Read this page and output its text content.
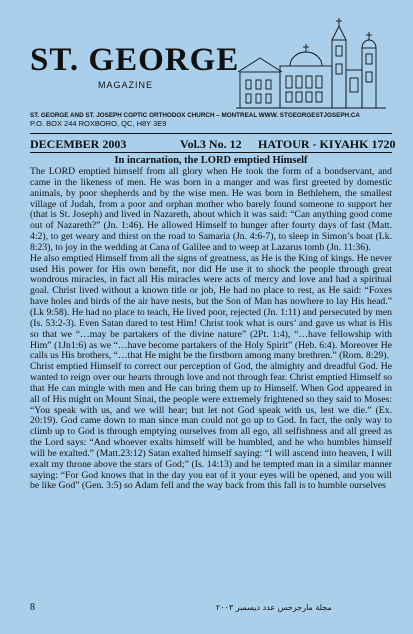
ST. GEORGE
MAGAZINE
ST. GEORGE AND ST. JOSEPH COPTIC ORTHODOX CHURCH – MONTREAL WWW. STGEORGESTJOSEPH.CA
P.O. BOX 244 ROXBORO, QC, H8Y 3E9
DECEMBER 2003	Vol.3 No. 12 HATOUR - KIYAHK 1720
In incarnation, the LORD emptied Himself

The LORD emptied himself from all glory when He took the form of a bondservant, and came in the likeness of men. He was born in a manger and was first greeted by domestic animals, by poor shepherds and by the wise men. He was born in Bethlehem, the smallest village of Judah, from a poor and orphan mother who barely found someone to support her (that is St. Joseph) and lived in Nazareth, about which it was said: “Can anything good come out of Nazareth?” (Jn. 1:46). He allowed Himself to hunger after fourty days of fast (Matt. 4:2), to get weary and thirst on the road to Samaria (Jn. 4:6-7), to sleep in Simon’s boat (Lk. 8:23), to joy in the wedding at Cana of Galilee and to weep at Lazarus tomb (Jn. 11:36).

He also emptied Himself from all the signs of greatness, as He is the King of kings. He never used His power for His own benefit, nor did He use it to shock the people through great wondrous miracles, in fact all His miracles were acts of mercy and love and had a spiritual goal. Christ lived without a known title or job, He had no place to rest, as He said: “Foxes have holes and birds of the air have nests, but the Son of Man has nowhere to lay His head.” (Lk 9:58). He had no place to teach, He lived poor, rejected (Jn. 1:11) and persecuted by men (Is. 53:2-3). Even Satan dared to test Him! Christ took what is ours’ and gave us what is His so that we “…may be partakers of the divine nature” (2Pt. 1:4), “…have fellowship with Him” (1Jn1:6) as we “…have become partakers of the Holy Spirit” (Heb. 6:4). Moreover He calls us His brothers, “…that He might be the firstborn among many brethren.” (Rom. 8:29).

Christ emptied Himself to correct our perception of God, the almighty and dreadful God. He wanted to reign over our hearts through love and not through fear. Christ emptied Himself so that He can mingle with men and He can bring them up to Himself. When God appeared in all of His might on Mount Sinai, the people were extremely frightened so they said to Moses: “You speak with us, and we will hear; but let not God speak with us, lest we die.” (Ex. 20:19). God came down to man since man could not go up to God. In fact, the only way to climb up to God is through emptying ourselves from all ego, all selfishness and all greed as the Lord says: “And whoever exalts himself will be humbled, and he who humbles himself will be exalted.” (Matt.23:12) Satan exalted himself saying: “I will ascend into heaven, I will exalt my throne above the stars of God;” (Is. 14:13) and he tempted man in a similar manner saying: “For God knows that in the day you eat of it your eyes will be opened, and you will be like God” (Gen. 3:5) so Adam fell and the way back from this fall is to humble ourselves

8	مجلة مارجرجس عدد ديسمبر ٢٠٠٣
